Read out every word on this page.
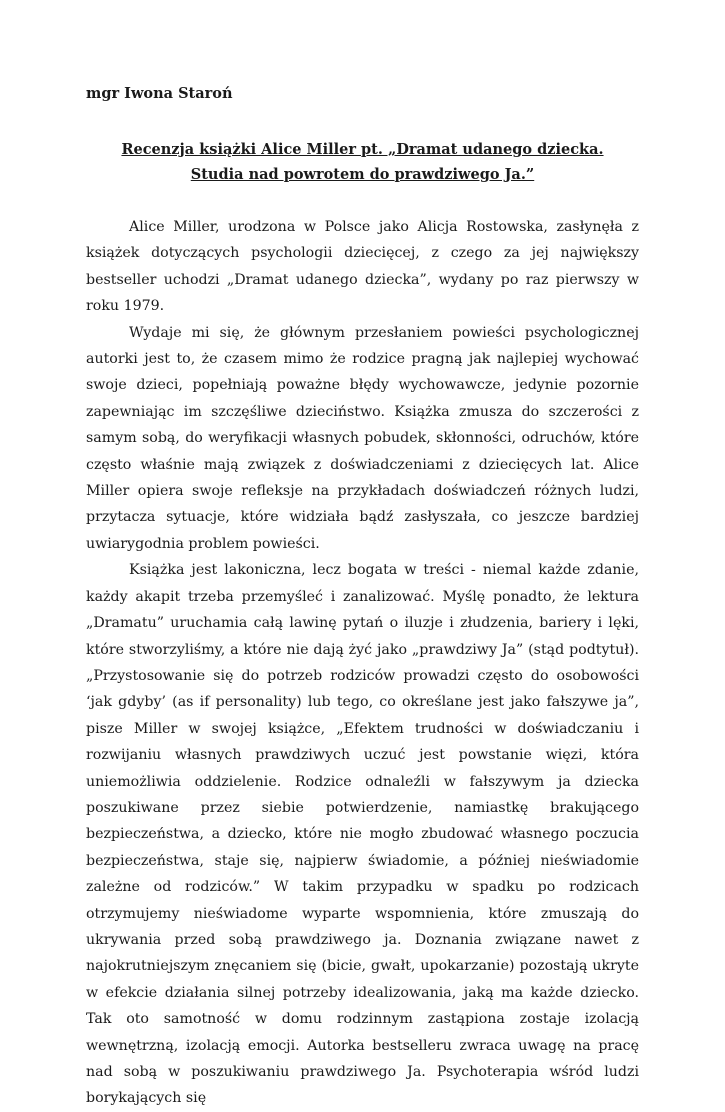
mgr Iwona Staroń

Recenzja książki Alice Miller pt. „Dramat udanego dziecka.
Studia nad powrotem do prawdziwego Ja.”

Alice Miller, urodzona w Polsce jako Alicja Rostowska, zasłynęła z książek dotyczących psychologii dziecięcej, z czego za jej największy bestseller uchodzi „Dramat udanego dziecka”, wydany po raz pierwszy w roku 1979.

Wydaje mi się, że głównym przesłaniem powieści psychologicznej autorki jest to, że czasem mimo że rodzice pragną jak najlepiej wychować swoje dzieci, popełniają poważne błędy wychowawcze, jedynie pozornie zapewniając im szczęśliwe dzieciństwo. Książka zmusza do szczerości z samym sobą, do weryfikacji własnych pobudek, skłonności, odruchów, które często właśnie mają związek z doświadczeniami z dziecięcych lat. Alice Miller opiera swoje refleksje na przykładach doświadczeń różnych ludzi, przytacza sytuacje, które widziała bądź zasłyszała, co jeszcze bardziej uwiarygodnia problem powieści.

Książka jest lakoniczna, lecz bogata w treści - niemal każde zdanie, każdy akapit trzeba przemyśleć i zanalizować. Myślę ponadto, że lektura „Dramatu” uruchamia całą lawinę pytań o iluzje i złudzenia, bariery i lęki, które stworzyliśmy, a które nie dają żyć jako „prawdziwy Ja” (stąd podtytuł). „Przystosowanie się do potrzeb rodziców prowadzi często do osobowości ‘jak gdyby’ (as if personality) lub tego, co określane jest jako fałszywe ja”, pisze Miller w swojej książce, „Efektem trudności w doświadczaniu i rozwijaniu własnych prawdziwych uczuć jest powstanie więzi, która uniemożliwia oddzielenie. Rodzice odnaleźli w fałszywym ja dziecka poszukiwane przez siebie potwierdzenie, namiastkę brakującego bezpieczeństwa, a dziecko, które nie mogło zbudować własnego poczucia bezpieczeństwa, staje się, najpierw świadomie, a później nieświadomie zależne od rodziców.” W takim przypadku w spadku po rodzicach otrzymujemy nieświadome wyparte wspomnienia, które zmuszają do ukrywania przed sobą prawdziwego ja. Doznania związane nawet z najokrutniejszym znęcaniem się (bicie, gwałt, upokarzanie) pozostają ukryte w efekcie działania silnej potrzeby idealizowania, jaką ma każde dziecko. Tak oto samotność w domu rodzinnym zastąpiona zostaje izolacją wewnętrzną, izolacją emocji. Autorka bestselleru zwraca uwagę na pracę nad sobą w poszukiwaniu prawdziwego Ja. Psychoterapia wśród ludzi borykających się
